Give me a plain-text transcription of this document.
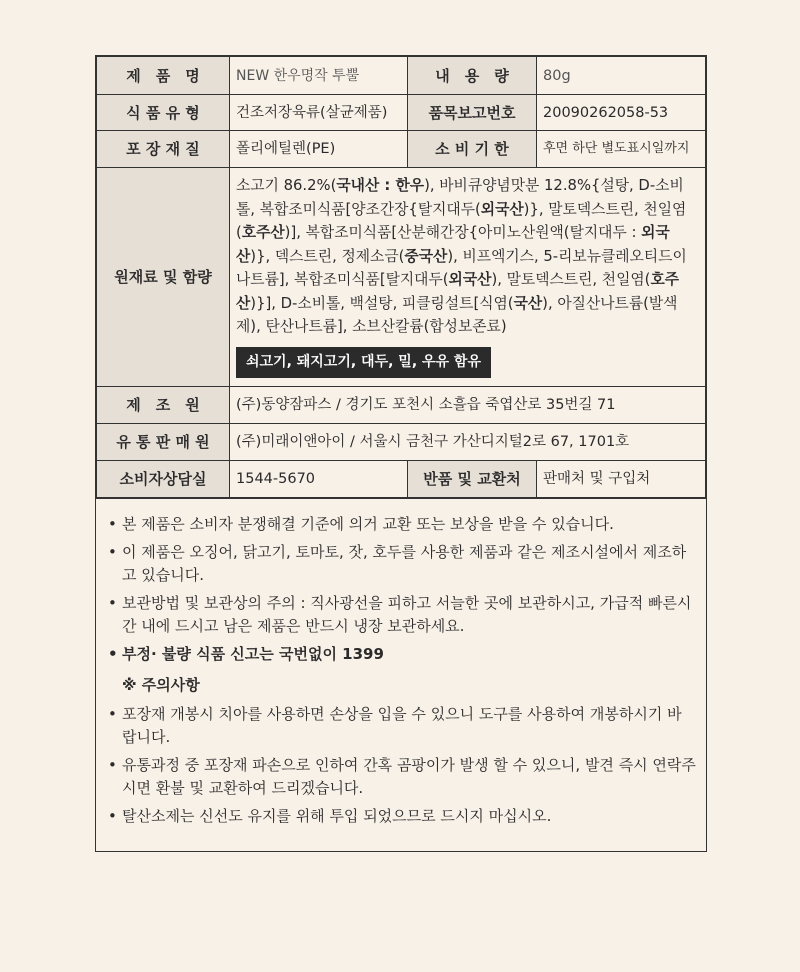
제　품　명	NEW 한우명작 투뿔	내　용　량	80g
식 품 유 형	건조저장육류(살균제품)	품목보고번호	20090262058-53
포 장 재 질	폴리에틸렌(PE)	소 비 기 한	후면 하단 별도표시일까지
원재료 및 함량	소고기 86.2%(국내산 : 한우), 바비큐양념맛분 12.8%{설탕, D-소비톨, 복합조미식품[양조간장{탈지대두(외국산)}, 말토덱스트린, 천일염(호주산)], 복합조미식품[산분해간장{아미노산원액(탈지대두 : 외국산)}, 덱스트린, 정제소금(중국산), 비프엑기스, 5-리보뉴클레오티드이나트륨], 복합조미식품[탈지대두(외국산), 말토덱스트린, 천일염(호주산)}], D-소비톨, 백설탕, 피클링설트[식염(국산), 아질산나트륨(발색제), 탄산나트륨], 소브산칼륨(합성보존료)
쇠고기, 돼지고기, 대두, 밀, 우유 함유		
제　조　원	(주)동양잠파스 / 경기도 포천시 소흘읍 죽엽산로 35번길 71		
유 통 판 매 원	(주)미래이앤아이 / 서울시 금천구 가산디지털2로 67, 1701호		
소비자상담실	1544-5670	반품 및 교환처	판매처 및 구입처
• 본 제품은 소비자 분쟁해결 기준에 의거 교환 또는 보상을 받을 수 있습니다.
• 이 제품은 오징어, 닭고기, 토마토, 잣, 호두를 사용한 제품과 같은 제조시설에서 제조하고 있습니다.
• 보관방법 및 보관상의 주의 : 직사광선을 피하고 서늘한 곳에 보관하시고, 가급적 빠른시간 내에 드시고 남은 제품은 반드시 냉장 보관하세요.
• 부정· 불량 식품 신고는 국번없이 1399
※ 주의사항
• 포장재 개봉시 치아를 사용하면 손상을 입을 수 있으니 도구를 사용하여 개봉하시기 바랍니다.
• 유통과정 중 포장재 파손으로 인하여 간혹 곰팡이가 발생 할 수 있으니, 발견 즉시 연락주시면 환불 및 교환하여 드리겠습니다.
• 탈산소제는 신선도 유지를 위해 투입 되었으므로 드시지 마십시오.
